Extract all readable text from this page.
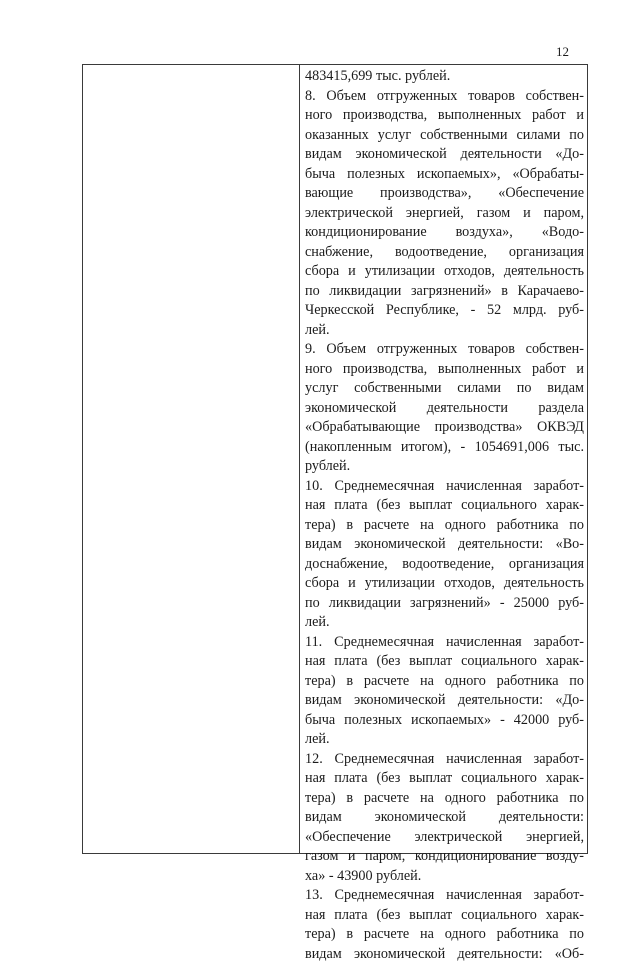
12
483415,699 тыс. рублей.
8. Объем отгруженных товаров собствен-
ного производства, выполненных работ и
оказанных услуг собственными силами по
видам экономической деятельности «До-
быча полезных ископаемых», «Обрабаты-
вающие производства», «Обеспечение
электрической энергией, газом и паром,
кондиционирование воздуха», «Водо-
снабжение, водоотведение, организация
сбора и утилизации отходов, деятельность
по ликвидации загрязнений» в Карачаево-
Черкесской Республике, - 52 млрд. руб-
лей.
9. Объем отгруженных товаров собствен-
ного производства, выполненных работ и
услуг собственными силами по видам
экономической деятельности раздела
«Обрабатывающие производства» ОКВЭД
(накопленным итогом), - 1054691,006 тыс.
рублей.
10. Среднемесячная начисленная заработ-
ная плата (без выплат социального харак-
тера) в расчете на одного работника по
видам экономической деятельности: «Во-
доснабжение, водоотведение, организация
сбора и утилизации отходов, деятельность
по ликвидации загрязнений» - 25000 руб-
лей.
11. Среднемесячная начисленная заработ-
ная плата (без выплат социального харак-
тера) в расчете на одного работника по
видам экономической деятельности: «До-
быча полезных ископаемых» - 42000 руб-
лей.
12. Среднемесячная начисленная заработ-
ная плата (без выплат социального харак-
тера) в расчете на одного работника по
видам экономической деятельности:
«Обеспечение электрической энергией,
газом и паром, кондиционирование возду-
ха» - 43900 рублей.
13. Среднемесячная начисленная заработ-
ная плата (без выплат социального харак-
тера) в расчете на одного работника по
видам экономической деятельности: «Об-
